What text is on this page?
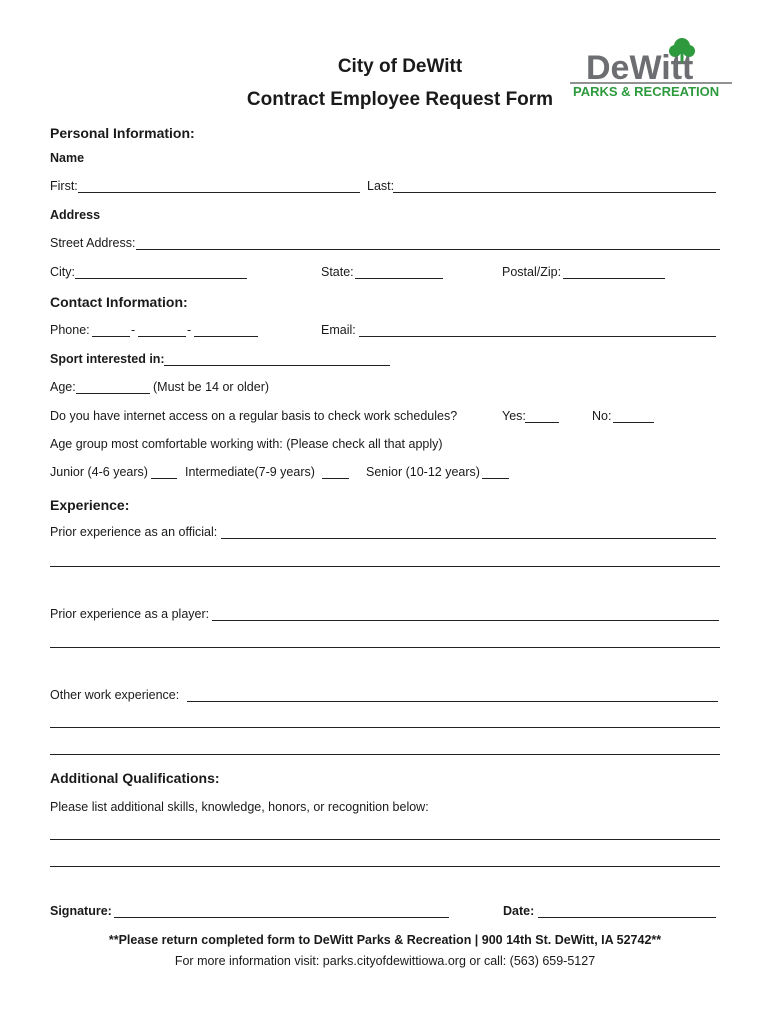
City of DeWitt
Contract Employee Request Form
DeWitt
PARKS & RECREATION
Personal Information:
Name
First:	Last:
Address
Street Address:
City:	State:	Postal/Zip:
Contact Information:
Phone:	-	-	Email:
Sport interested in:
Age:	(Must be 14 or older)
Do you have internet access on a regular basis to check work schedules?	Yes:	No:
Age group most comfortable working with: (Please check all that apply)
Junior (4-6 years)	Intermediate(7-9 years)	Senior (10-12 years)
Experience:
Prior experience as an official:
Prior experience as a player:
Other work experience:
Additional Qualifications:
Please list additional skills, knowledge, honors, or recognition below:
Signature:	Date:
**Please return completed form to DeWitt Parks & Recreation | 900 14th St. DeWitt, IA 52742**
For more information visit: parks.cityofdewittiowa.org or call: (563) 659-5127
